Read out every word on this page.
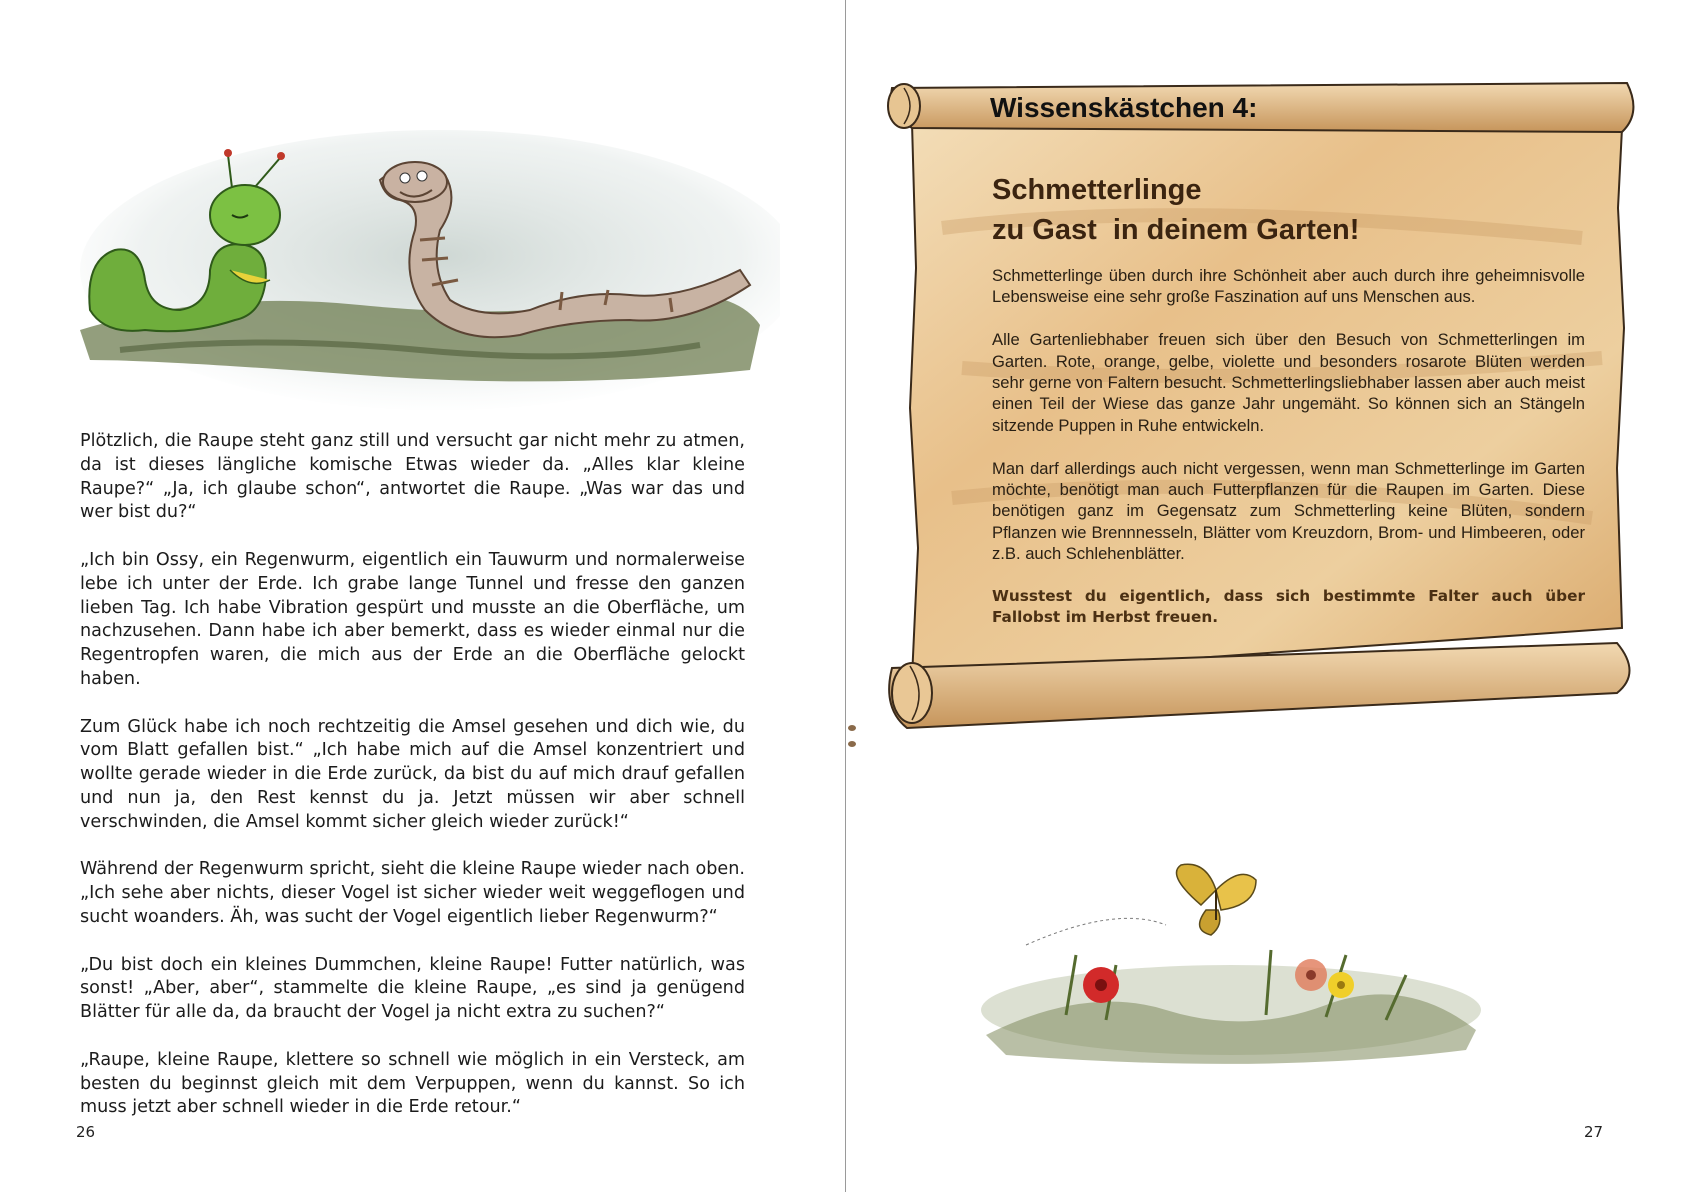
Plötzlich, die Raupe steht ganz still und versucht gar nicht mehr zu atmen, da ist dieses längliche komische Etwas wieder da. „Alles klar kleine Raupe?“ „Ja, ich glaube schon“, antwortet die Raupe. „Was war das und wer bist du?“

„Ich bin Ossy, ein Regenwurm, eigentlich ein Tauwurm und normalerweise lebe ich unter der Erde. Ich grabe lange Tunnel und fresse den ganzen lieben Tag. Ich habe Vibration gespürt und musste an die Oberfläche, um nachzusehen. Dann habe ich aber bemerkt, dass es wieder einmal nur die Regentropfen waren, die mich aus der Erde an die Oberfläche gelockt haben.

Zum Glück habe ich noch rechtzeitig die Amsel gesehen und dich wie, du vom Blatt gefallen bist.“ „Ich habe mich auf die Amsel konzentriert und wollte gerade wieder in die Erde zurück, da bist du auf mich drauf gefallen und nun ja, den Rest kennst du ja. Jetzt müssen wir aber schnell verschwinden, die Amsel kommt sicher gleich wieder zurück!“

Während der Regenwurm spricht, sieht die kleine Raupe wieder nach oben. „Ich sehe aber nichts, dieser Vogel ist sicher wieder weit weggeflogen und sucht woanders. Äh, was sucht der Vogel eigentlich lieber Regenwurm?“

„Du bist doch ein kleines Dummchen, kleine Raupe! Futter natürlich, was sonst! „Aber, aber“, stammelte die kleine Raupe, „es sind ja genügend Blätter für alle da, da braucht der Vogel ja nicht extra zu suchen?“

„Raupe, kleine Raupe, klettere so schnell wie möglich in ein Versteck, am besten du beginnst gleich mit dem Verpuppen, wenn du kannst. So ich muss jetzt aber schnell wieder in die Erde retour.“

26
Wissenskästchen 4:
Schmetterlinge
zu Gast  in deinem Garten!

Schmetterlinge üben durch ihre Schönheit aber auch durch ihre geheimnisvolle Lebensweise eine sehr große Faszination auf uns Menschen aus.

Alle Gartenliebhaber freuen sich über den Besuch von Schmetterlingen im Garten. Rote, orange, gelbe, violette und besonders rosarote Blüten werden sehr gerne von Faltern besucht. Schmetterlingsliebhaber lassen aber auch meist einen Teil der Wiese das ganze Jahr ungemäht. So können sich an Stängeln sitzende Puppen in Ruhe entwickeln.

Man darf allerdings auch nicht vergessen, wenn man Schmetterlinge im Garten möchte, benötigt man auch Futterpflanzen für die Raupen im Garten. Diese benötigen ganz im Gegensatz zum Schmetterling keine Blüten, sondern Pflanzen wie Brennnesseln, Blätter vom Kreuzdorn, Brom- und Himbeeren, oder z.B. auch Schlehenblätter.

Wusstest du eigentlich, dass sich bestimmte Falter auch über Fallobst im Herbst freuen.

27
